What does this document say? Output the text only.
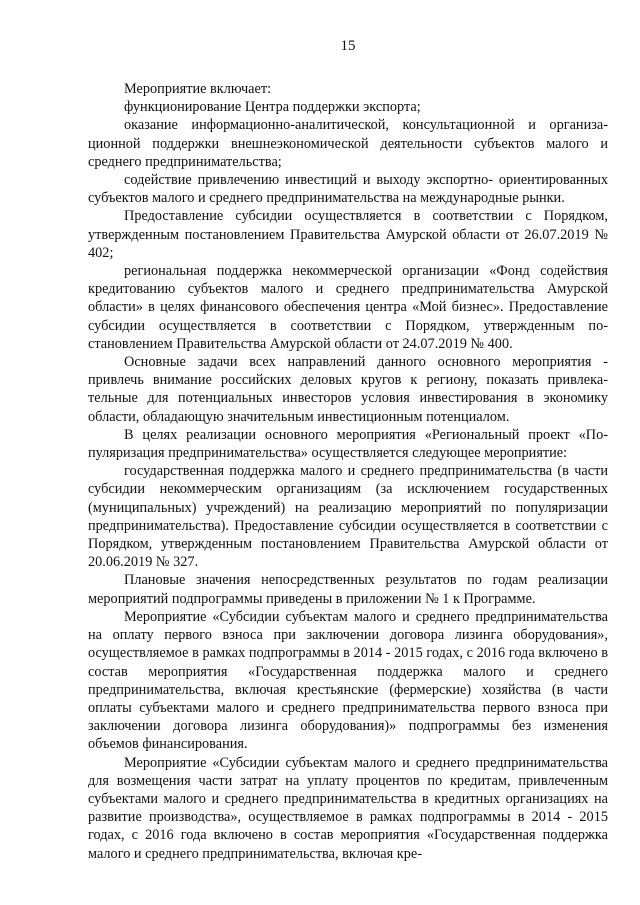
15

Мероприятие включает:

функционирование Центра поддержки экспорта;

оказание информационно-аналитической, консультационной и организационной поддержки внешнеэкономической деятельности субъектов малого и среднего предпринимательства;

содействие привлечению инвестиций и выходу экспортно- ориентированных субъектов малого и среднего предпринимательства на международные рынки.

Предоставление субсидии осуществляется в соответствии с Порядком, утвержденным постановлением Правительства Амурской области от 26.07.2019 № 402;

региональная поддержка некоммерческой организации «Фонд содействия кредитованию субъектов малого и среднего предпринимательства Амурской области» в целях финансового обеспечения центра «Мой бизнес». Предоставление субсидии осуществляется в соответствии с Порядком, утвержденным постановлением Правительства Амурской области от 24.07.2019 № 400.

Основные задачи всех направлений данного основного мероприятия - привлечь внимание российских деловых кругов к региону, показать привлекательные для потенциальных инвесторов условия инвестирования в экономику области, обладающую значительным инвестиционным потенциалом.

В целях реализации основного мероприятия «Региональный проект «Популяризация предпринимательства» осуществляется следующее мероприятие:

государственная поддержка малого и среднего предпринимательства (в части субсидии некоммерческим организациям (за исключением государственных (муниципальных) учреждений) на реализацию мероприятий по популяризации предпринимательства). Предоставление субсидии осуществляется в соответствии с Порядком, утвержденным постановлением Правительства Амурской области от 20.06.2019 № 327.

Плановые значения непосредственных результатов по годам реализации мероприятий подпрограммы приведены в приложении № 1 к Программе.

Мероприятие «Субсидии субъектам малого и среднего предпринимательства на оплату первого взноса при заключении договора лизинга оборудования», осуществляемое в рамках подпрограммы в 2014 - 2015 годах, с 2016 года включено в состав мероприятия «Государственная поддержка малого и среднего предпринимательства, включая крестьянские (фермерские) хозяйства (в части оплаты субъектами малого и среднего предпринимательства первого взноса при заключении договора лизинга оборудования)» подпрограммы без изменения объемов финансирования.

Мероприятие «Субсидии субъектам малого и среднего предпринимательства для возмещения части затрат на уплату процентов по кредитам, привлеченным субъектами малого и среднего предпринимательства в кредитных организациях на развитие производства», осуществляемое в рамках подпрограммы в 2014 - 2015 годах, с 2016 года включено в состав мероприятия «Государственная поддержка малого и среднего предпринимательства, включая кре-
